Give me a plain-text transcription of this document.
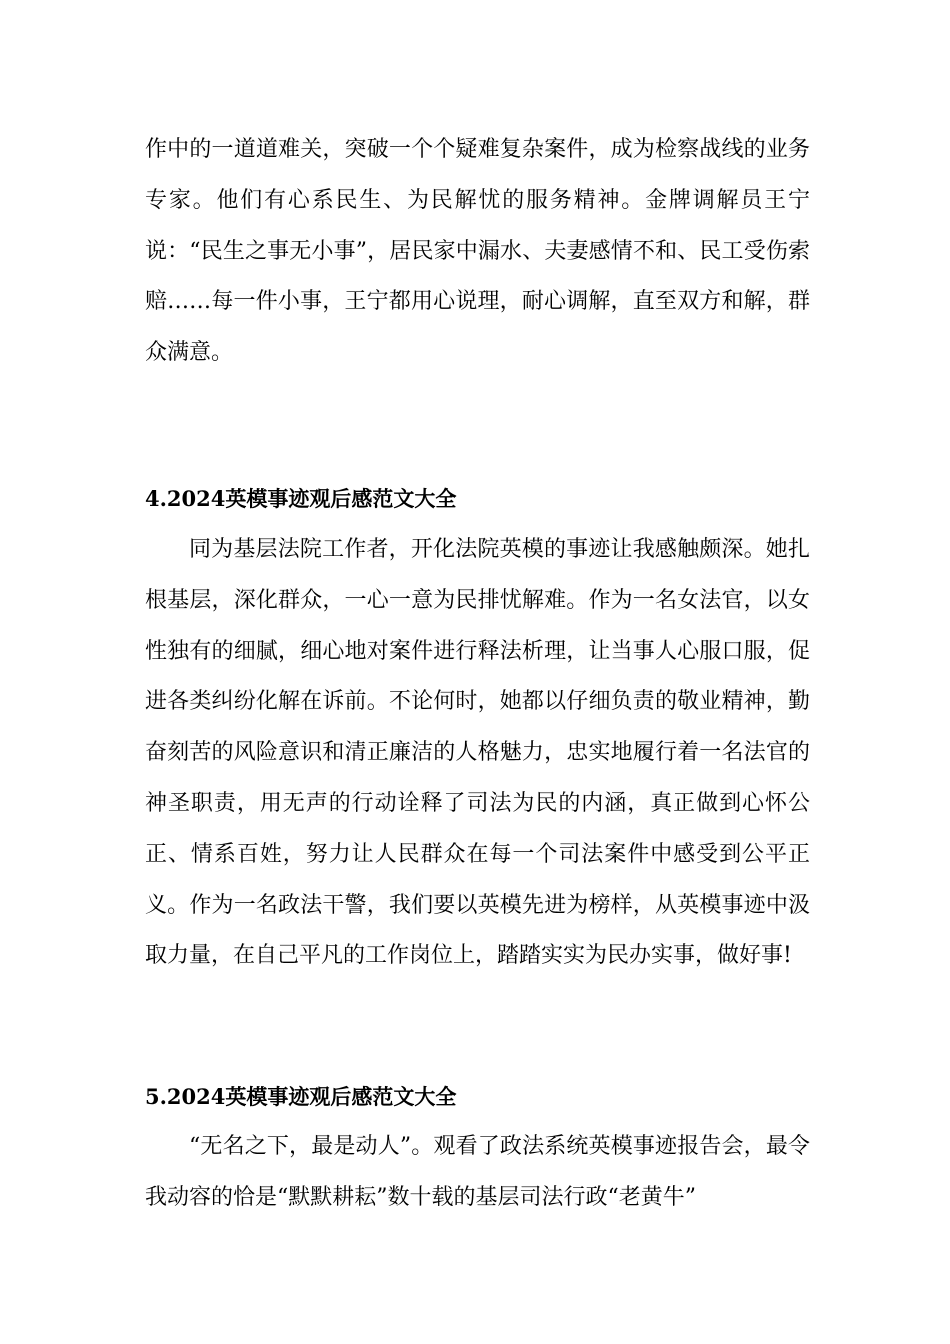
作中的一道道难关，突破一个个疑难复杂案件，成为检察战线的业务专家。他们有心系民生、为民解忧的服务精神。金牌调解员王宁说：“民生之事无小事”，居民家中漏水、夫妻感情不和、民工受伤索赔……每一件小事，王宁都用心说理，耐心调解，直至双方和解，群众满意。

4.2024英模事迹观后感范文大全

同为基层法院工作者，开化法院英模的事迹让我感触颇深。她扎根基层，深化群众，一心一意为民排忧解难。作为一名女法官，以女性独有的细腻，细心地对案件进行释法析理，让当事人心服口服，促进各类纠纷化解在诉前。不论何时，她都以仔细负责的敬业精神，勤奋刻苦的风险意识和清正廉洁的人格魅力，忠实地履行着一名法官的神圣职责，用无声的行动诠释了司法为民的内涵，真正做到心怀公正、情系百姓，努力让人民群众在每一个司法案件中感受到公平正义。作为一名政法干警，我们要以英模先进为榜样，从英模事迹中汲取力量，在自己平凡的工作岗位上，踏踏实实为民办实事，做好事!

5.2024英模事迹观后感范文大全

“无名之下，最是动人”。观看了政法系统英模事迹报告会，最令我动容的恰是“默默耕耘”数十载的基层司法行政“老黄牛”
